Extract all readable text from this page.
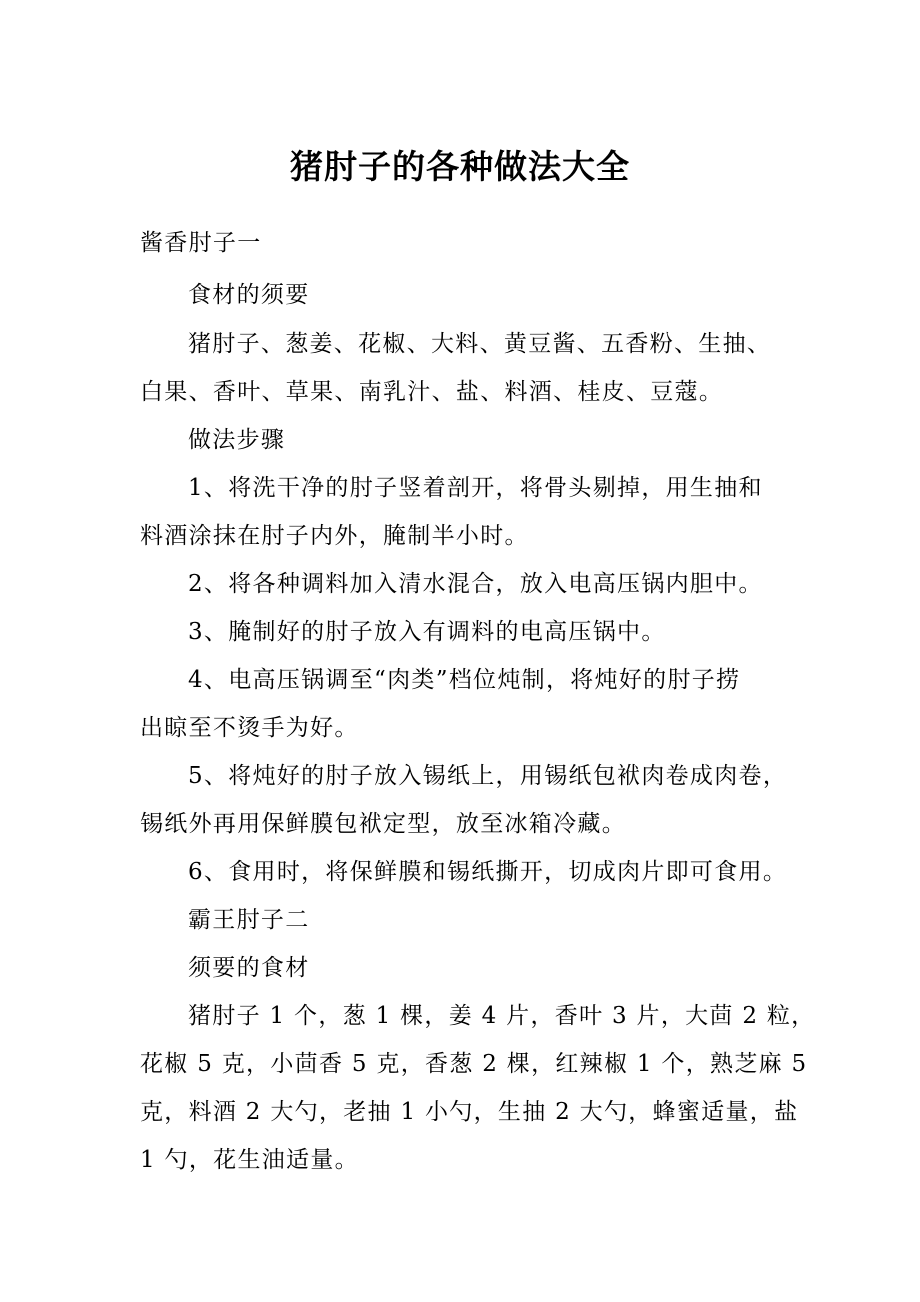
猪肘子的各种做法大全
酱香肘子一
食材的须要
猪肘子、葱姜、花椒、大料、黄豆酱、五香粉、生抽、
白果、香叶、草果、南乳汁、盐、料酒、桂皮、豆蔻。
做法步骤
1、将洗干净的肘子竖着剖开，将骨头剔掉，用生抽和
料酒涂抹在肘子内外，腌制半小时。
2、将各种调料加入清水混合，放入电高压锅内胆中。
3、腌制好的肘子放入有调料的电高压锅中。
4、电高压锅调至“肉类”档位炖制，将炖好的肘子捞
出晾至不烫手为好。
5、将炖好的肘子放入锡纸上，用锡纸包袱肉卷成肉卷，
锡纸外再用保鲜膜包袱定型，放至冰箱冷藏。
6、食用时，将保鲜膜和锡纸撕开，切成肉片即可食用。
霸王肘子二
须要的食材
猪肘子 1 个，葱 1 棵，姜 4 片，香叶 3 片，大茴 2 粒，
花椒 5 克，小茴香 5 克，香葱 2 棵，红辣椒 1 个，熟芝麻 5
克，料酒 2 大勺，老抽 1 小勺，生抽 2 大勺，蜂蜜适量，盐
1 勺，花生油适量。
